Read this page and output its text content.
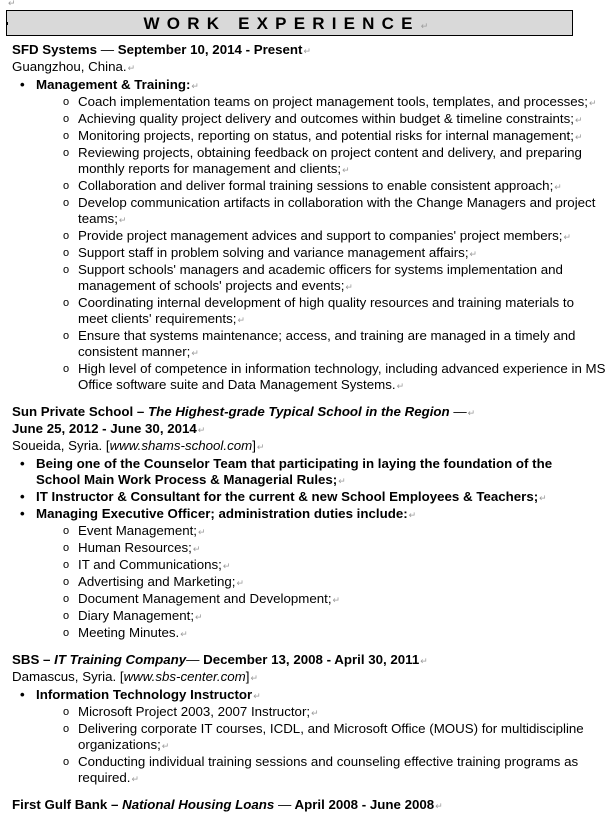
↵
WORK EXPERIENCE↵
SFD Systems — September 10, 2014 - Present↵
Guangzhou, China.↵
• Management & Training:↵
o Coach implementation teams on project management tools, templates, and processes;↵
o Achieving quality project delivery and outcomes within budget & timeline constraints;↵
o Monitoring projects, reporting on status, and potential risks for internal management;↵
o Reviewing projects, obtaining feedback on project content and delivery, and preparing monthly reports for management and clients;↵
o Collaboration and deliver formal training sessions to enable consistent approach;↵
o Develop communication artifacts in collaboration with the Change Managers and project teams;↵
o Provide project management advices and support to companies' project members;↵
o Support staff in problem solving and variance management affairs;↵
o Support schools' managers and academic officers for systems implementation and management of schools' projects and events;↵
o Coordinating internal development of high quality resources and training materials to meet clients' requirements;↵
o Ensure that systems maintenance; access, and training are managed in a timely and consistent manner;↵
o High level of competence in information technology, including advanced experience in MS Office software suite and Data Management Systems.↵
Sun Private School – The Highest-grade Typical School in the Region —↵
June 25, 2012 - June 30, 2014↵
Soueida, Syria. [www.shams-school.com]↵
• Being one of the Counselor Team that participating in laying the foundation of the School Main Work Process & Managerial Rules;↵
• IT Instructor & Consultant for the current & new School Employees & Teachers;↵
• Managing Executive Officer; administration duties include:↵
o Event Management;↵
o Human Resources;↵
o IT and Communications;↵
o Advertising and Marketing;↵
o Document Management and Development;↵
o Diary Management;↵
o Meeting Minutes.↵
SBS – IT Training Company— December 13, 2008 - April 30, 2011↵
Damascus, Syria. [www.sbs-center.com]↵
• Information Technology Instructor↵
o Microsoft Project 2003, 2007 Instructor;↵
o Delivering corporate IT courses, ICDL, and Microsoft Office (MOUS) for multidiscipline organizations;↵
o Conducting individual training sessions and counseling effective training programs as required.↵
First Gulf Bank – National Housing Loans — April 2008 - June 2008↵
